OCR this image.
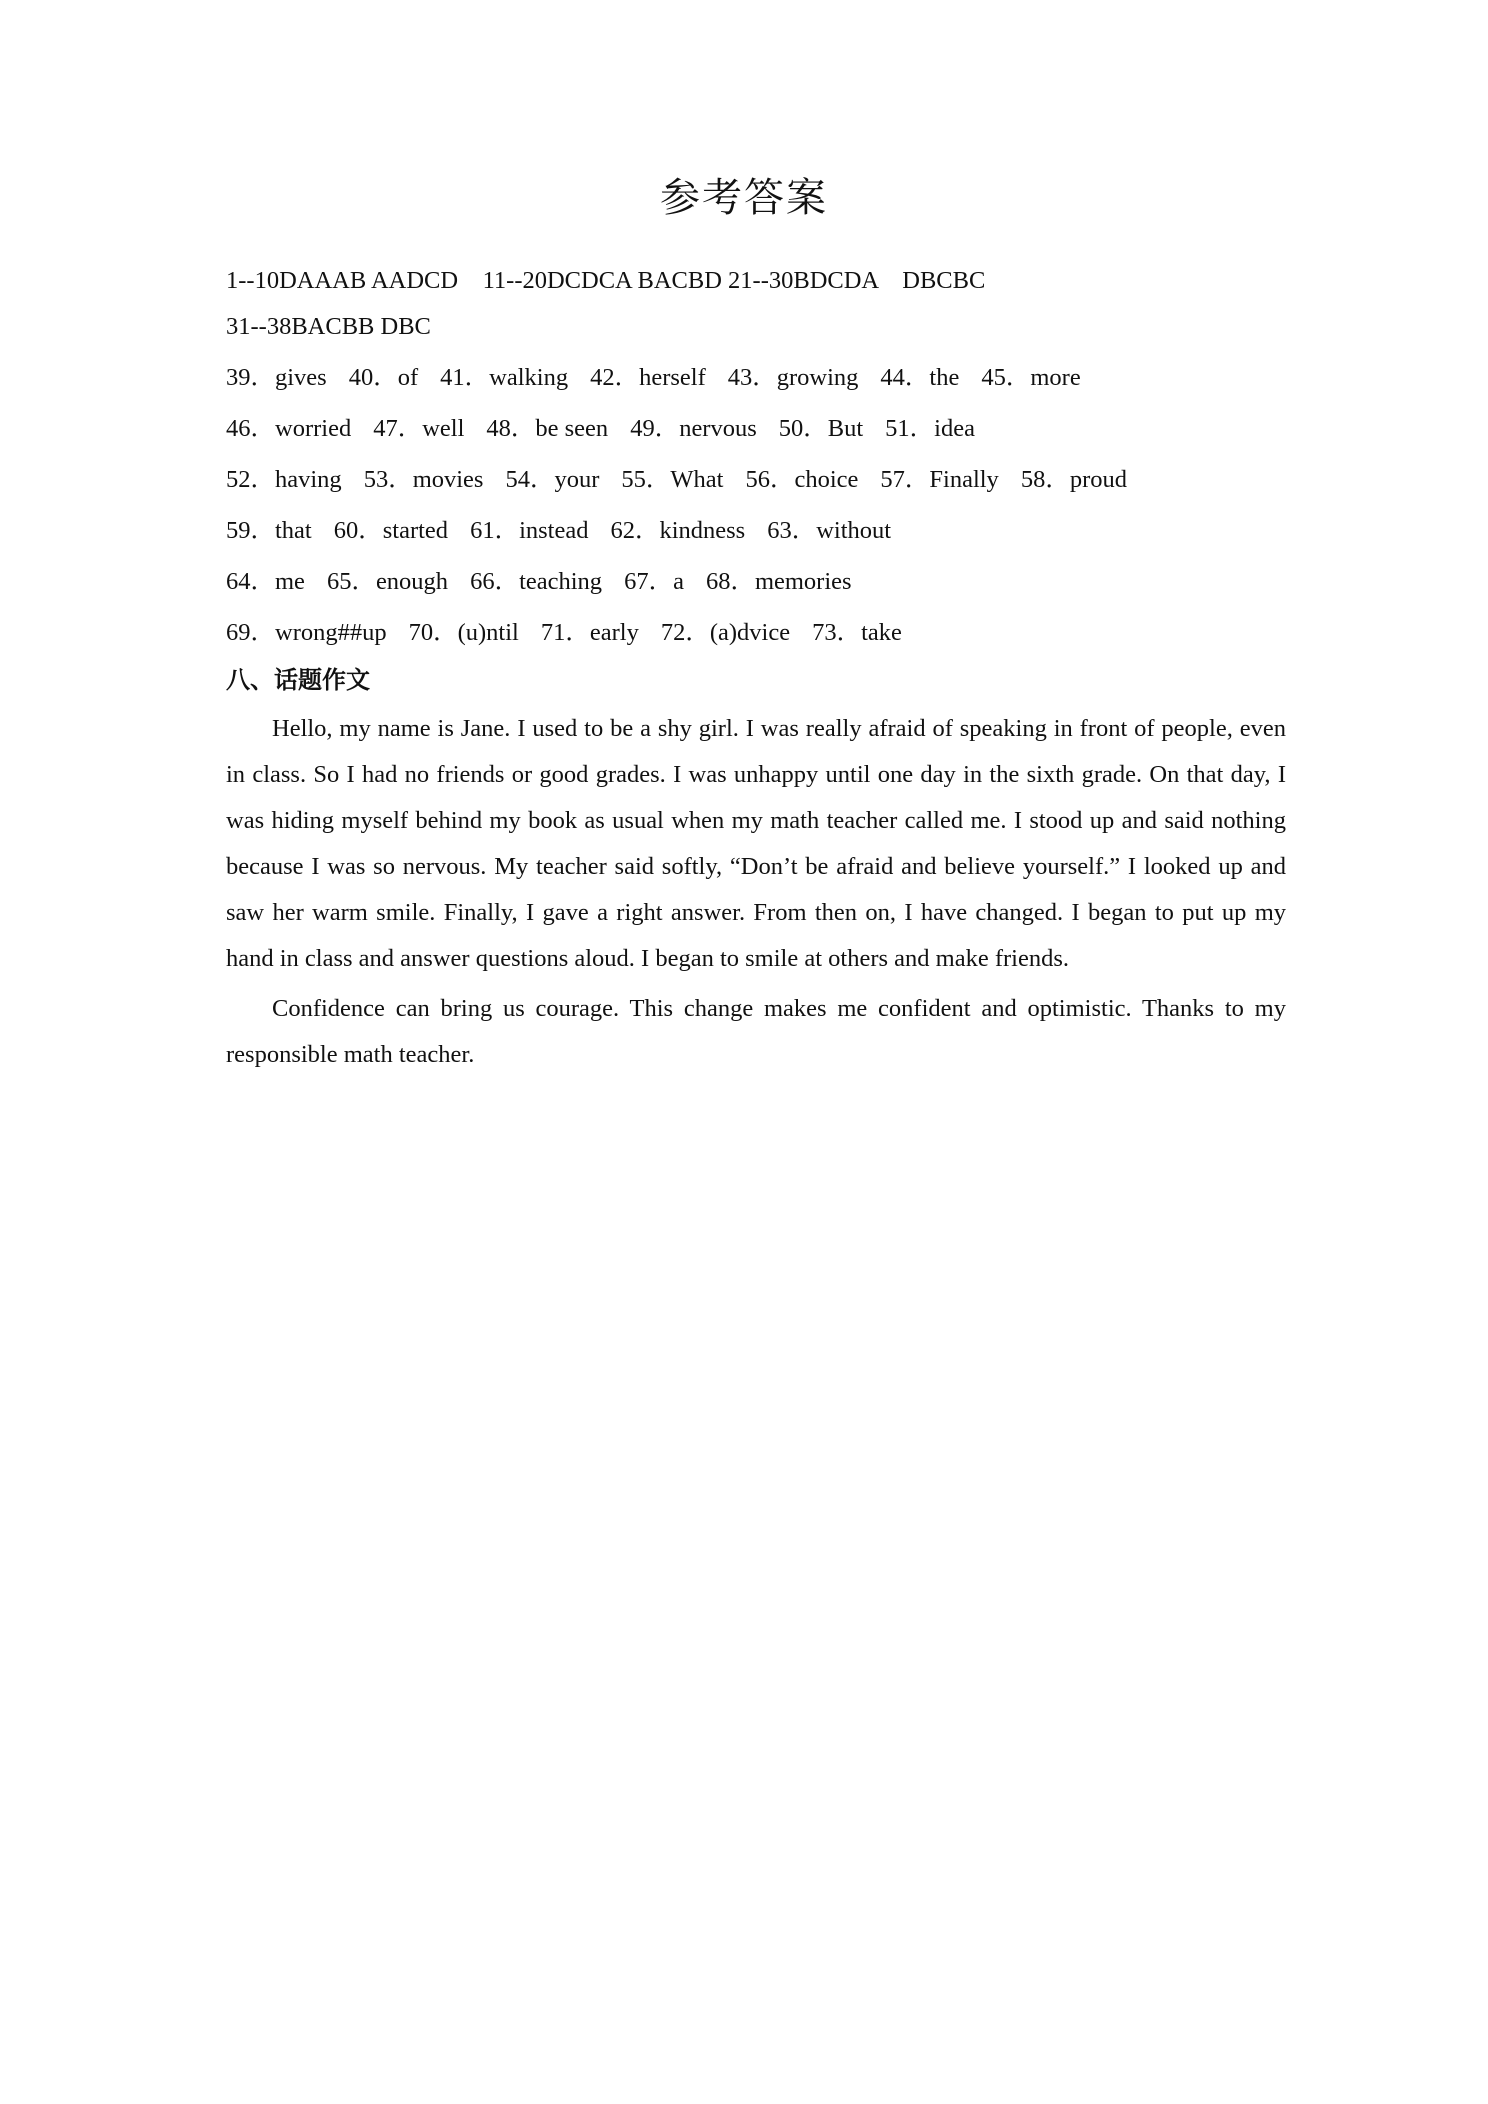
参考答案
1--10DAAAB AADCD    11--20DCDCA BACBD 21--30BDCDA    DBCBC
31--38BACBB DBC
39．gives 40．of 41．walking 42．herself 43．growing 44．the 45．more
46．worried 47．well 48．be seen 49．nervous 50．But 51．idea
52．having 53．movies 54．your 55．What 56．choice 57．Finally 58．proud
59．that 60．started 61．instead 62．kindness 63．without
64．me 65．enough 66．teaching 67．a 68．memories
69．wrong##up 70．(u)ntil 71．early 72．(a)dvice 73．take
八、话题作文

Hello, my name is Jane. I used to be a shy girl. I was really afraid of speaking in front of people, even in class. So I had no friends or good grades. I was unhappy until one day in the sixth grade. On that day, I was hiding myself behind my book as usual when my math teacher called me. I stood up and said nothing because I was so nervous. My teacher said softly, “Don’t be afraid and believe yourself.” I looked up and saw her warm smile. Finally, I gave a right answer. From then on, I have changed. I began to put up my hand in class and answer questions aloud. I began to smile at others and make friends.

Confidence can bring us courage. This change makes me confident and optimistic. Thanks to my responsible math teacher.
